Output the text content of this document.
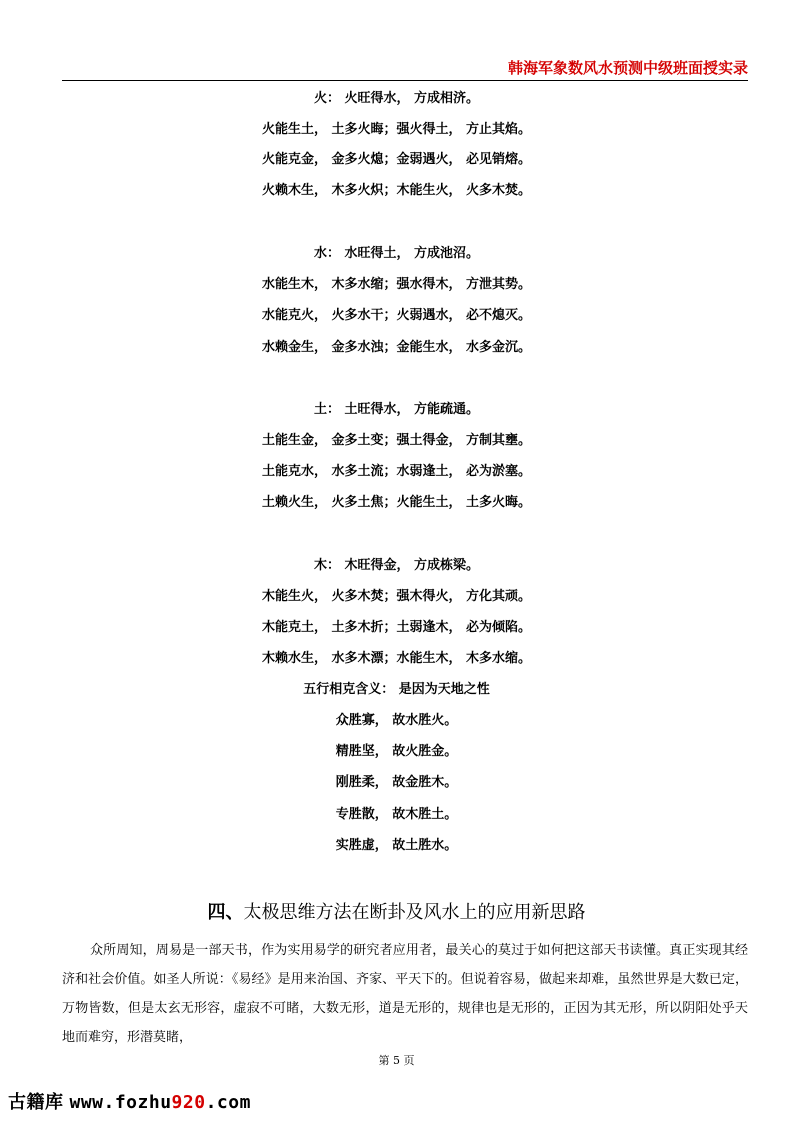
韩海军象数风水预测中级班面授实录
火： 火旺得水， 方成相济。
火能生土， 土多火晦；强火得土， 方止其焰。
火能克金， 金多火熄；金弱遇火， 必见销熔。
火赖木生， 木多火炽；木能生火， 火多木焚。
水： 水旺得土， 方成池沼。
水能生木， 木多水缩；强水得木， 方泄其势。
水能克火， 火多水干；火弱遇水， 必不熄灭。
水赖金生， 金多水浊；金能生水， 水多金沉。
土： 土旺得水， 方能疏通。
土能生金， 金多土变；强土得金， 方制其壅。
土能克水， 水多土流；水弱逢土， 必为淤塞。
土赖火生， 火多土焦；火能生土， 土多火晦。
木： 木旺得金， 方成栋梁。
木能生火， 火多木焚；强木得火， 方化其顽。
木能克土， 土多木折；土弱逢木， 必为倾陷。
木赖水生， 水多木漂；水能生木， 木多水缩。
五行相克含义： 是因为天地之性
众胜寡， 故水胜火。
精胜坚， 故火胜金。
刚胜柔， 故金胜木。
专胜散， 故木胜土。
实胜虚， 故土胜水。
四、太极思维方法在断卦及风水上的应用新思路

众所周知，周易是一部天书，作为实用易学的研究者应用者，最关心的莫过于如何把这部天书读懂。真正实现其经济和社会价值。如圣人所说：《易经》是用来治国、齐家、平天下的。但说着容易，做起来却难，虽然世界是大数已定，万物皆数，但是太玄无形容，虚寂不可睹，大数无形，道是无形的，规律也是无形的，正因为其无形，所以阴阳处乎天地而难穷，形潜莫睹，

第 5 页
古籍库 www.fozhu920.com
